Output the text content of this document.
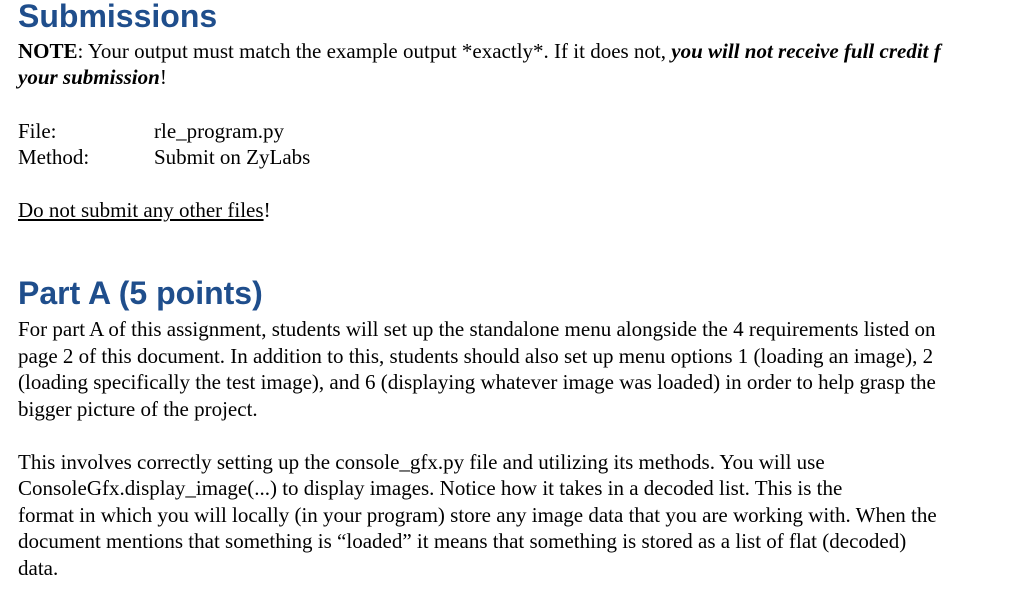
Submissions

NOTE: Your output must match the example output *exactly*. If it does not, you will not receive full credit f

your submission!

File:	rle_program.py
Method:	Submit on ZyLabs

Do not submit any other files!

Part A (5 points)
For part A of this assignment, students will set up the standalone menu alongside the 4 requirements listed on
page 2 of this document. In addition to this, students should also set up menu options 1 (loading an image), 2
(loading specifically the test image), and 6 (displaying whatever image was loaded) in order to help grasp the
bigger picture of the project.
This involves correctly setting up the console_gfx.py file and utilizing its methods. You will use
ConsoleGfx.display_image(...) to display images. Notice how it takes in a decoded list. This is the
format in which you will locally (in your program) store any image data that you are working with. When the
document mentions that something is “loaded” it means that something is stored as a list of flat (decoded)
data.
